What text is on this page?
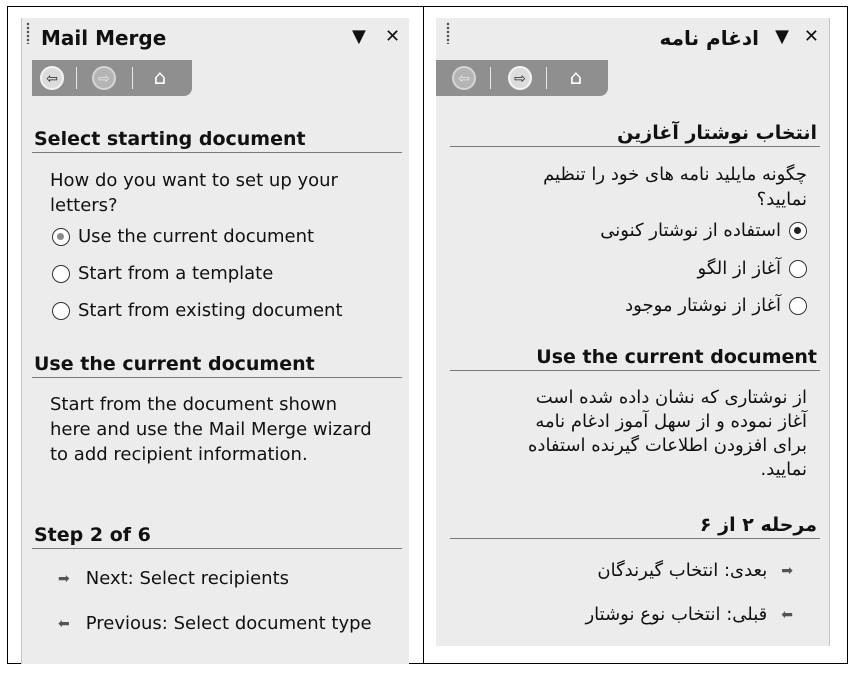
Mail Merge	▼ ✕
⇦	⇨	⌂
Select starting document
How do you want to set up your
letters?
Use the current document
Start from a template
Start from existing document
Use the current document
Start from the document shown
here and use the Mail Merge wizard
to add recipient information.
Step 2 of 6
➡ Next: Select recipients
⬅ Previous: Select document type
✕
▼
ادغام نامه
⇦	⇨	⌂
انتخاب نوشتار آغازین
چگونه مایلید نامه های خود را تنظیم
نمایید؟
استفاده از نوشتار کنونی
آغاز از الگو
آغاز از نوشتار موجود
Use the current document
از نوشتاری که نشان داده شده است
آغاز نموده و از سهل آموز ادغام نامه
برای افزودن اطلاعات گیرنده استفاده
نمایید.
مرحله ۲ از ۶
➡
بعدی: انتخاب گیرندگان
⬅
قبلی: انتخاب نوع نوشتار
